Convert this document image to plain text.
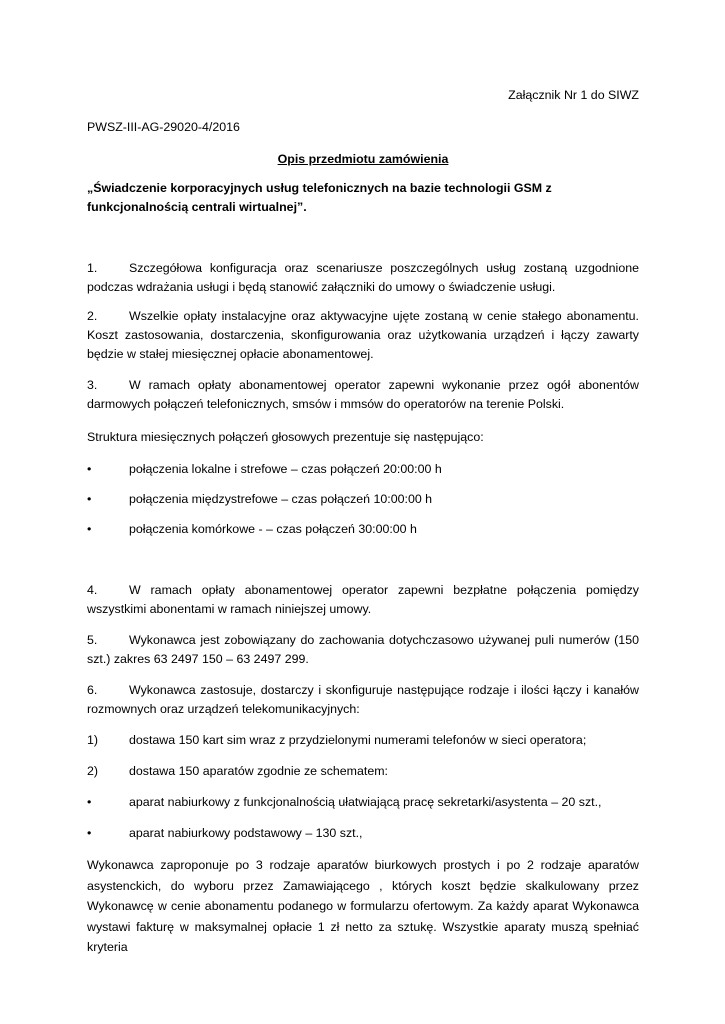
Załącznik Nr 1 do SIWZ

PWSZ-III-AG-29020-4/2016

Opis przedmiotu zamówienia

„Świadczenie korporacyjnych usług telefonicznych na bazie technologii GSM z funkcjonalnością centrali wirtualnej”.

1.	Szczegółowa konfiguracja oraz scenariusze poszczególnych usług zostaną uzgodnione podczas wdrażania usługi i będą stanowić załączniki do umowy o świadczenie usługi.

2.	Wszelkie opłaty instalacyjne oraz aktywacyjne ujęte zostaną w cenie stałego abonamentu. Koszt zastosowania, dostarczenia, skonfigurowania oraz użytkowania urządzeń i łączy zawarty będzie w stałej miesięcznej opłacie abonamentowej.

3.	W ramach opłaty abonamentowej operator zapewni wykonanie przez ogół abonentów darmowych połączeń telefonicznych, smsów i mmsów do operatorów na terenie Polski.

Struktura miesięcznych połączeń głosowych prezentuje się następująco:

•	połączenia lokalne i strefowe – czas połączeń 20:00:00 h
•	połączenia międzystrefowe – czas połączeń 10:00:00 h
•	połączenia komórkowe - – czas połączeń 30:00:00 h

4.	W ramach opłaty abonamentowej operator zapewni bezpłatne połączenia pomiędzy wszystkimi abonentami w ramach niniejszej umowy.

5.	Wykonawca jest zobowiązany do zachowania dotychczasowo używanej puli numerów (150 szt.) zakres 63 2497 150 – 63 2497 299.

6.	Wykonawca zastosuje, dostarczy i skonfiguruje następujące rodzaje i ilości łączy i kanałów rozmownych oraz urządzeń telekomunikacyjnych:

1) dostawa 150 kart sim wraz z przydzielonymi numerami telefonów w sieci operatora;
2) dostawa 150 aparatów zgodnie ze schematem:
•	aparat nabiurkowy z funkcjonalnością ułatwiającą pracę sekretarki/asystenta – 20 szt.,
•	aparat nabiurkowy podstawowy – 130 szt.,

Wykonawca zaproponuje po 3 rodzaje aparatów biurkowych prostych i po 2 rodzaje aparatów asystenckich, do wyboru przez Zamawiającego , których koszt będzie skalkulowany przez Wykonawcę w cenie abonamentu podanego w formularzu ofertowym. Za każdy aparat Wykonawca wystawi fakturę w maksymalnej opłacie 1 zł netto za sztukę. Wszystkie aparaty muszą spełniać kryteria
